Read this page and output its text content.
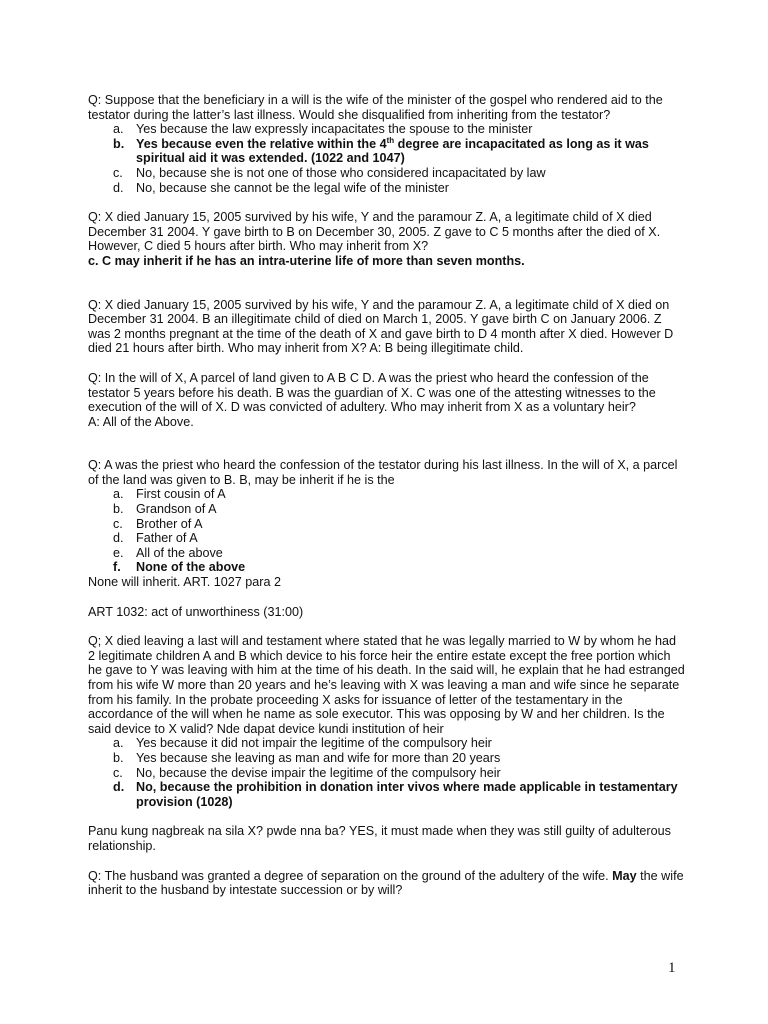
Q: Suppose that the beneficiary in a will is the wife of the minister of the gospel who rendered aid to the testator during the latter’s last illness. Would she disqualified from inheriting from the testator?

a. Yes because the law expressly incapacitates the spouse to the minister
b. Yes because even the relative within the 4th degree are incapacitated as long as it was spiritual aid it was extended. (1022 and 1047)
c. No, because she is not one of those who considered incapacitated by law
d. No, because she cannot be the legal wife of the minister

Q: X died January 15, 2005 survived by his wife, Y and the paramour Z. A, a legitimate child of X died December 31 2004. Y gave birth to B on December 30, 2005. Z gave to C 5 months after the died of X. However, C died 5 hours after birth. Who may inherit from X?

c. C may inherit if he has an intra-uterine life of more than seven months.

Q: X died January 15, 2005 survived by his wife, Y and the paramour Z. A, a legitimate child of X died on December 31 2004. B an illegitimate child of died on March 1, 2005. Y gave birth C on January 2006. Z was 2 months pregnant at the time of the death of X and gave birth to D 4 month after X died. However D died 21 hours after birth. Who may inherit from X? A: B being illegitimate child.

Q: In the will of X, A parcel of land given to A B C D. A was the priest who heard the confession of the testator 5 years before his death. B was the guardian of X. C was one of the attesting witnesses to the execution of the will of X. D was convicted of adultery. Who may inherit from X as a voluntary heir?

A: All of the Above.

Q: A was the priest who heard the confession of the testator during his last illness. In the will of X, a parcel of the land was given to B. B, may be inherit if he is the

a. First cousin of A
b. Grandson of A
c. Brother of A
d. Father of A
e. All of the above
f. None of the above

None will inherit. ART. 1027 para 2

ART 1032: act of unworthiness (31:00)

Q; X died leaving a last will and testament where stated that he was legally married to W by whom he had 2 legitimate children A and B which device to his force heir the entire estate except the free portion which he gave to Y was leaving with him at the time of his death. In the said will, he explain that he had estranged from his wife W more than 20 years and he’s leaving with X was leaving a man and wife since he separate from his family. In the probate proceeding X asks for issuance of letter of the testamentary in the accordance of the will when he name as sole executor. This was opposing by W and her children. Is the said device to X valid? Nde dapat device kundi institution of heir

a. Yes because it did not impair the legitime of the compulsory heir
b. Yes because she leaving as man and wife for more than 20 years
c. No, because the devise impair the legitime of the compulsory heir
d. No, because the prohibition in donation inter vivos where made applicable in testamentary provision (1028)

Panu kung nagbreak na sila X? pwde nna ba? YES, it must made when they was still guilty of adulterous relationship.

Q: The husband was granted a degree of separation on the ground of the adultery of the wife. May the wife inherit to the husband by intestate succession or by will?

1
